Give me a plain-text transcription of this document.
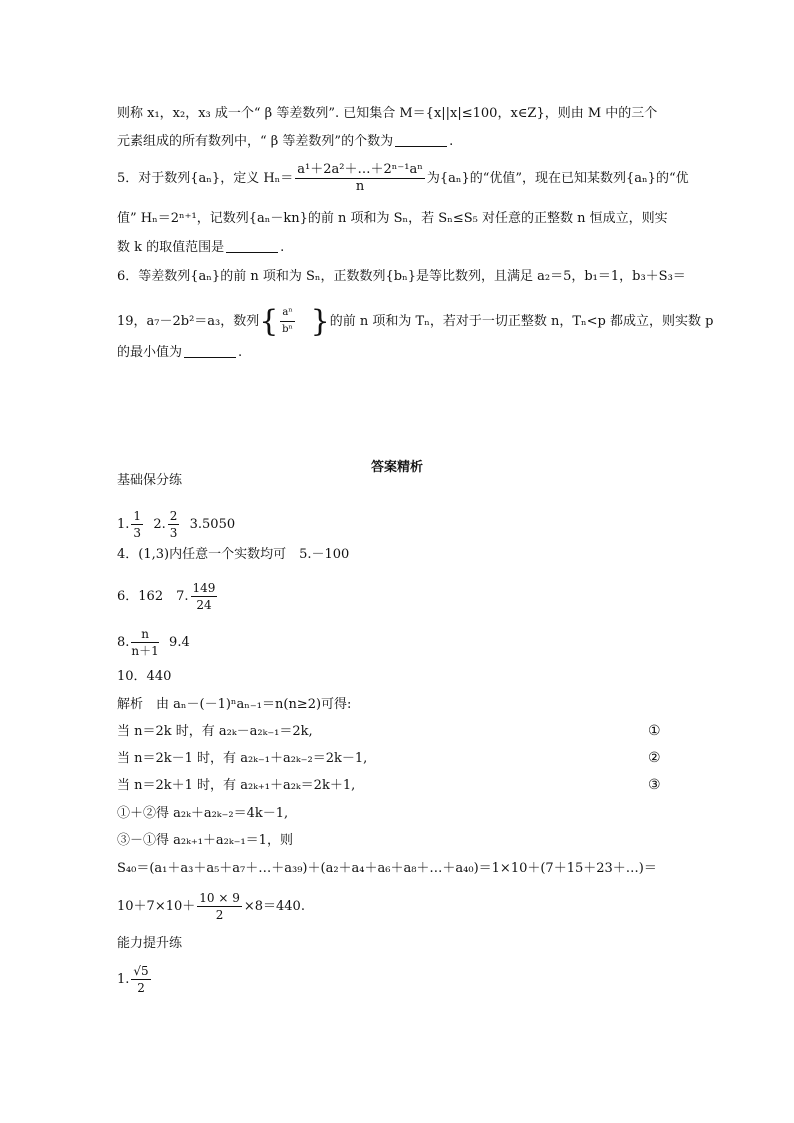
则称 x₁，x₂，x₃ 成一个“ β 等差数列”. 已知集合 M＝{x||x|≤100，x∈Z}，则由 M 中的三个
元素组成的所有数列中，“ β 等差数列”的个数为	.
5．对于数列{aₙ}，定义 $H_n= \frac{\text{a¹＋2a²＋…＋2ⁿ⁻¹aⁿ}}{n}$ 为{aₙ}的“优值”，现在已知某数列{aₙ}的“优
值” Hₙ＝2ⁿ⁺¹，记数列{aₙ－kn}的前 n 项和为 Sₙ，若 Sₙ≤S₅ 对任意的正整数 n 恒成立，则实
数 k 的取值范围是	.
6．等差数列{aₙ}的前 n 项和为 Sₙ，正数数列{bₙ}是等比数列，且满足 a₂＝5，b₁＝1，b₃＋S₃＝
19，a₇－2b²＝a₃，数列{ $\frac{\text{aⁿ}}{\text{bⁿ}}$ }的前 n 项和为 Tₙ，若对于一切正整数 n，Tₙ<p 都成立，则实数 p
的最小值为	.
答案精析
基础保分练
1. $\frac{1}{3} 2$. $\frac{2}{3} 3.5050$
4．(1,3)内任意一个实数均可　5.－100
6．162　7. $\frac{149}{24}$
8. $\frac{n}{n+1} 9.4$
10．440
解析　由 aₙ－(－1)ⁿaₙ₋₁＝n(n≥2)可得:
当 n＝2k 时，有 a₂ₖ－a₂ₖ₋₁＝2k,	①
当 n＝2k－1 时，有 a₂ₖ₋₁＋a₂ₖ₋₂＝2k－1,	②
当 n＝2k＋1 时，有 a₂ₖ₊₁＋a₂ₖ＝2k＋1,	③
①＋②得 a₂ₖ＋a₂ₖ₋₂＝4k－1,
③－①得 a₂ₖ₊₁＋a₂ₖ₋₁＝1，则
S₄₀＝(a₁＋a₃＋a₅＋a₇＋…＋a₃₉)＋(a₂＋a₄＋a₆＋a₈＋…＋a₄₀)＝1×10＋(7＋15＋23＋…)＝
$10+7\times 10+ \frac{10 \times 9}{2} \times 8=440$.
能力提升练
1. $\frac{√5}{2}$
